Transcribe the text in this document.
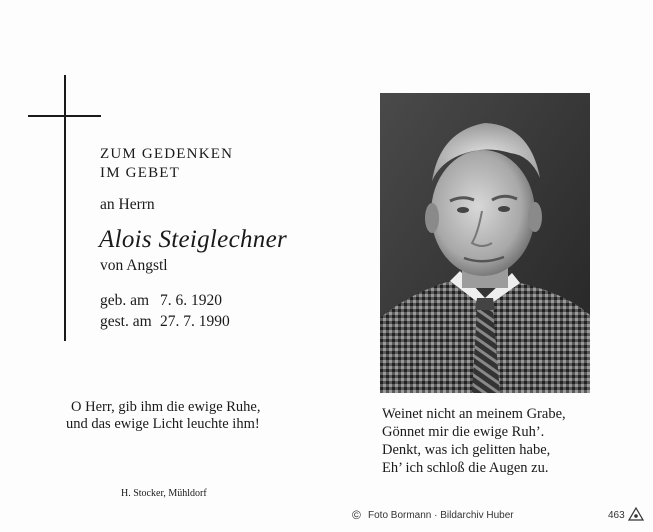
ZUM GEDENKEN
IM GEBET
an Herrn
Alois Steiglechner
von Angstl
geb. am 7. 6. 1920
gest. am 27. 7. 1990
O Herr, gib ihm die ewige Ruhe,
und das ewige Licht leuchte ihm!
Weinet nicht an meinem Grabe,
Gönnet mir die ewige Ruh’.
Denkt, was ich gelitten habe,
Eh’ ich schloß die Augen zu.
H. Stocker, Mühldorf
© Foto Bormann · Bildarchiv Huber	463
